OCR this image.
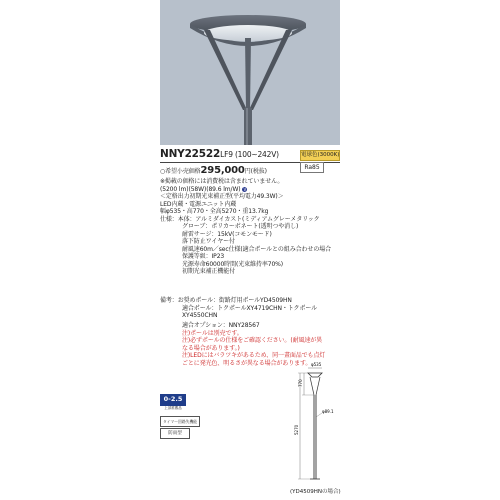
NNY22522LF9 (100~242V)	電球色(3000K)
Ra85
○希望小売価格295,000円(税抜)
※掲載の価格には消費税は含まれていません。
(5200 lm)(58W)(89.6 lm/W) V
＜定格出力初期光束補正型(平均電力49.3W)＞
LED内蔵・電源ユニット内蔵
幅φ535・高770・全高5270・重13.7kg
仕様：本体：アルミダイカスト(ミディアムグレーメタリック
グローブ：ポリカーボネート(透明つや消し)
耐雷サージ：15kV(コモンモード)
落下防止ワイヤー付
耐風速60m／sec仕様(適合ポールとの組み合わせの場合
保護等級：IP23
光源寿命60000時間(光束維持率70%)
初期光束補正機能付
備考：お奨めポール：街路灯用ポールYD4509HN
適合ポール：トクポールXY4719CHN・トクポール
XY4550CHN
適合オプション：NNY28567
注)ポールは別売です。
注)必ずポールの仕様をご確認ください。(耐風速が異
なる場合があります。)
注)LEDにはバラツキがあるため、同一畫面品でも点灯
ごとに発光色、明るさが異なる場合があります。
0-2.5
上部推薦品
タイマー回路失機能
防雨型
φ535
770
φ89.1
5270
(YD4509HNの場合)
